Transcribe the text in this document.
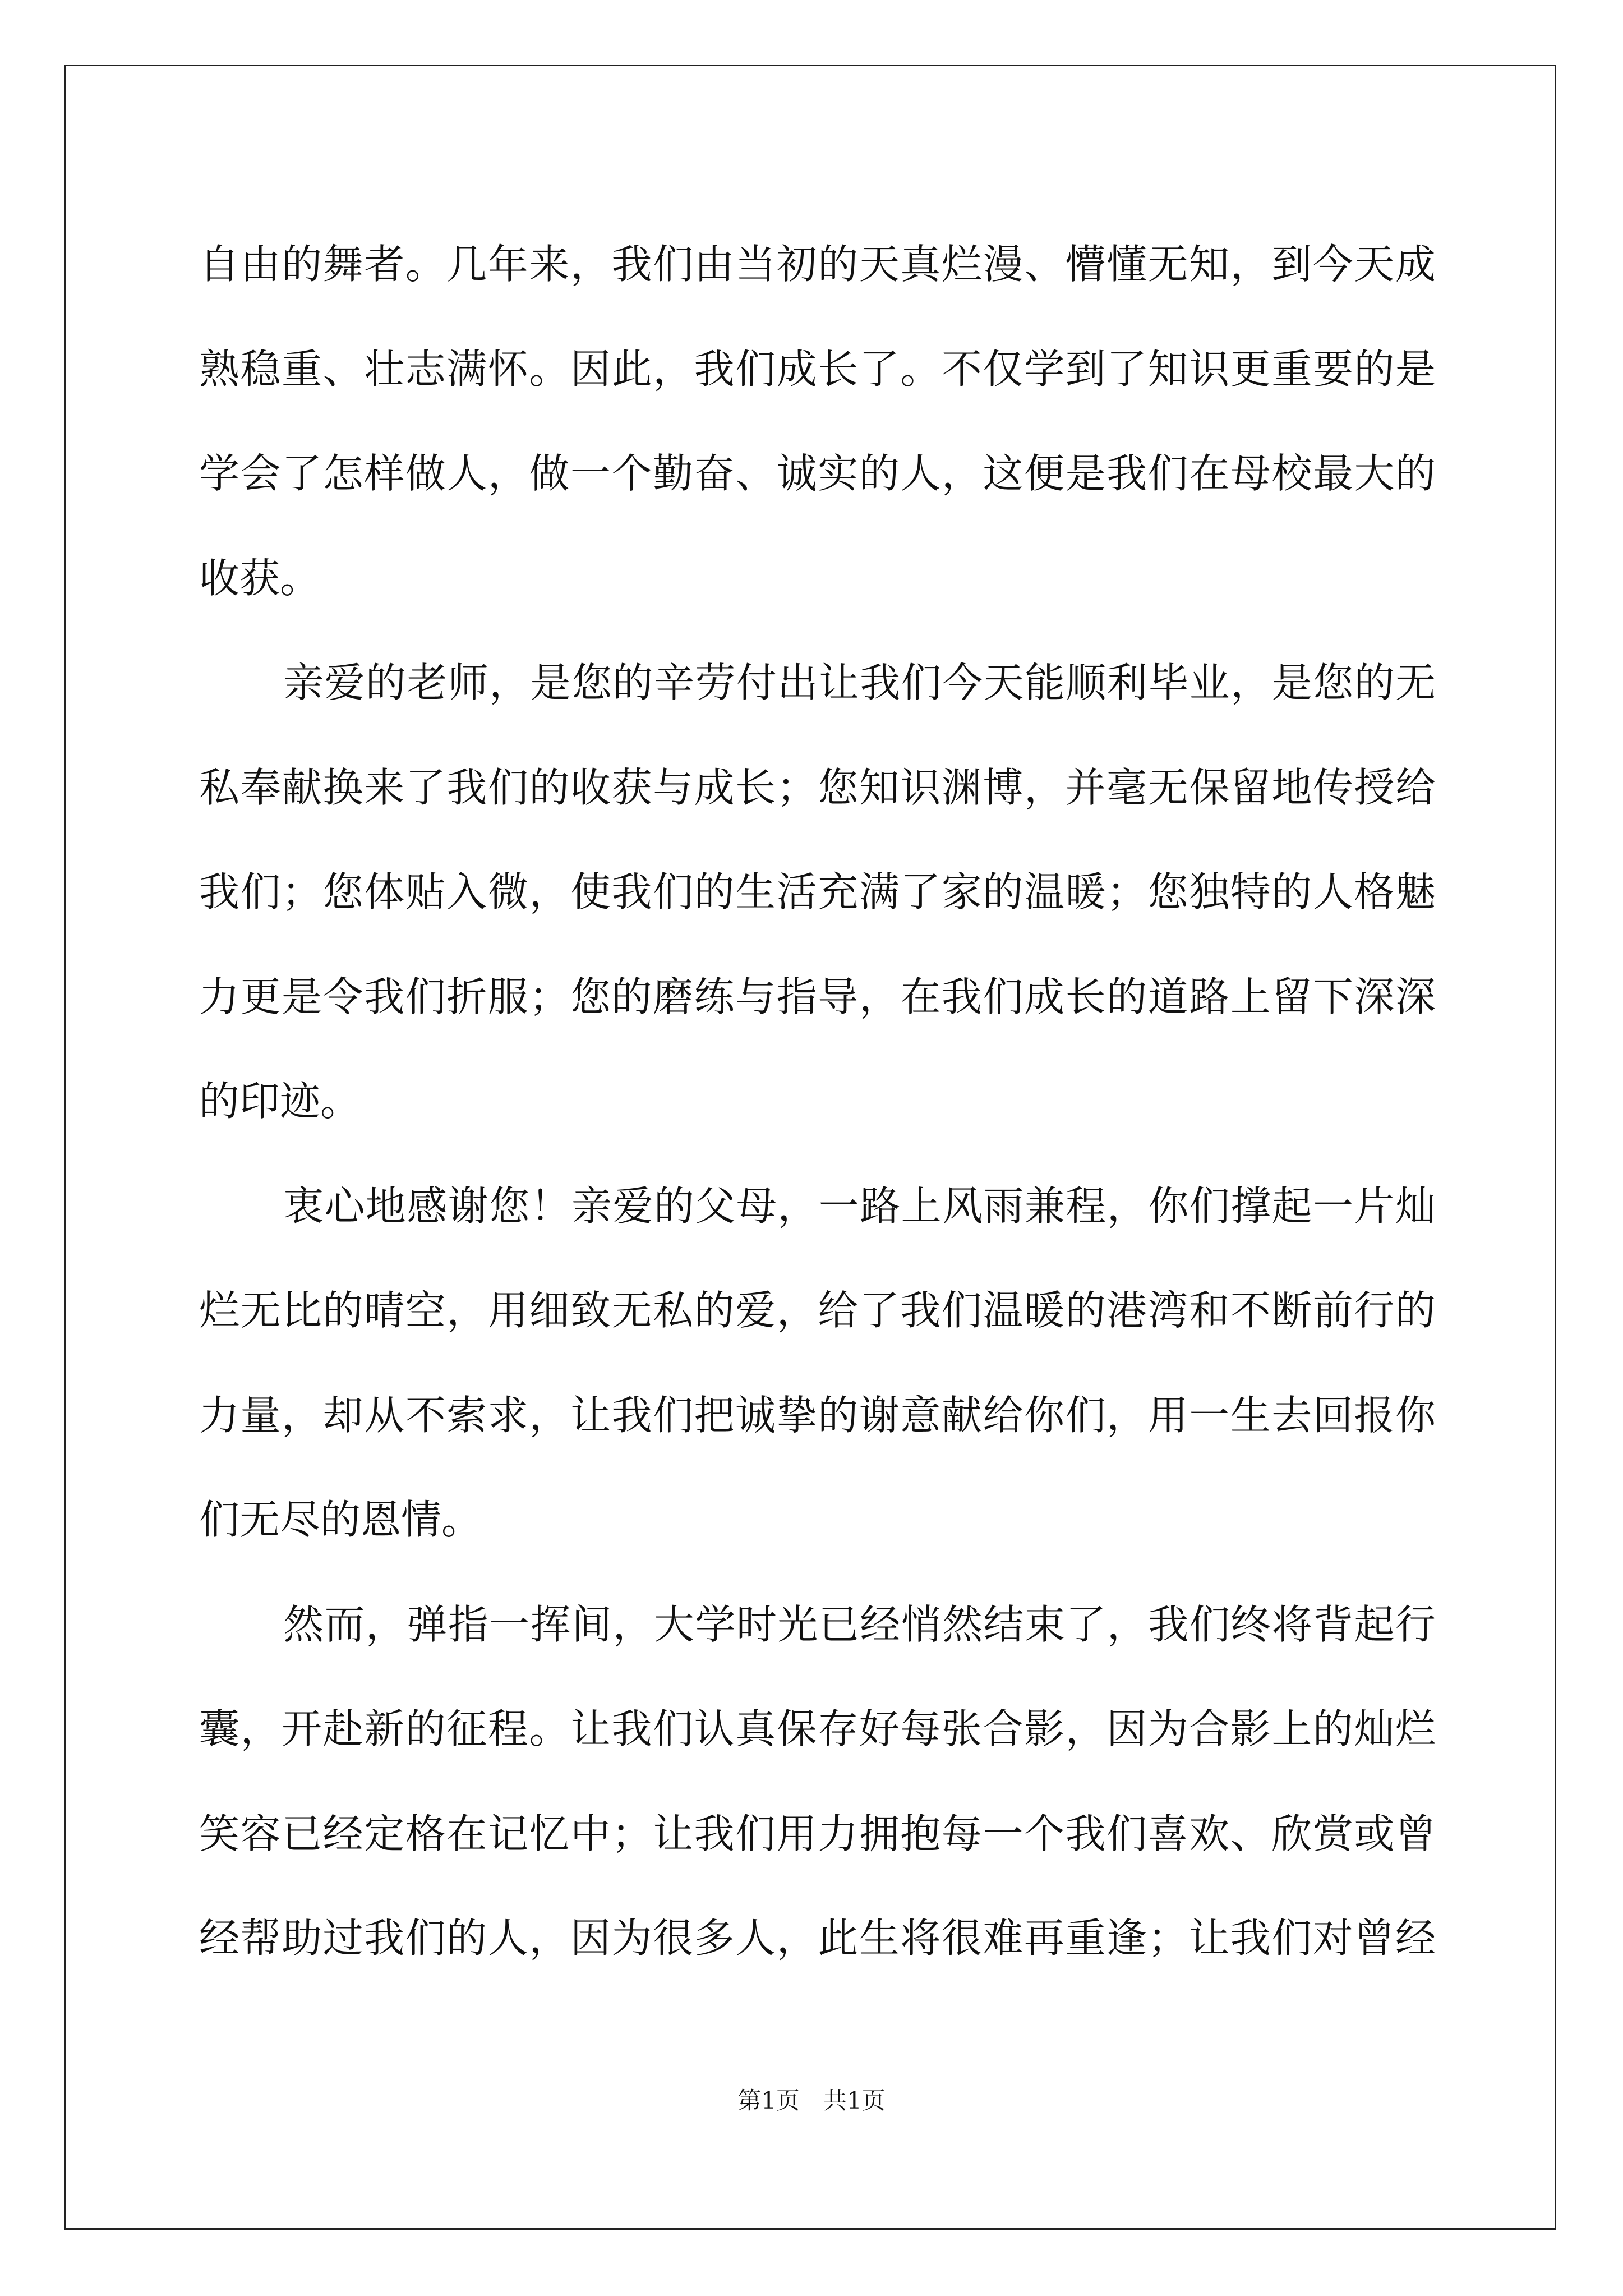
自由的舞者。几年来，我们由当初的天真烂漫、懵懂无知，到今天成
熟稳重、壮志满怀。因此，我们成长了。不仅学到了知识更重要的是
学会了怎样做人，做一个勤奋、诚实的人，这便是我们在母校最大的
收获。
亲爱的老师，是您的辛劳付出让我们今天能顺利毕业，是您的无
私奉献换来了我们的收获与成长；您知识渊博，并毫无保留地传授给
我们；您体贴入微，使我们的生活充满了家的温暖；您独特的人格魅
力更是令我们折服；您的磨练与指导，在我们成长的道路上留下深深
的印迹。
衷心地感谢您！亲爱的父母，一路上风雨兼程，你们撑起一片灿
烂无比的晴空，用细致无私的爱，给了我们温暖的港湾和不断前行的
力量，却从不索求，让我们把诚挚的谢意献给你们，用一生去回报你
们无尽的恩情。
然而，弹指一挥间，大学时光已经悄然结束了，我们终将背起行
囊，开赴新的征程。让我们认真保存好每张合影，因为合影上的灿烂
笑容已经定格在记忆中；让我们用力拥抱每一个我们喜欢、欣赏或曾
经帮助过我们的人，因为很多人，此生将很难再重逢；让我们对曾经
第1页　共1页
